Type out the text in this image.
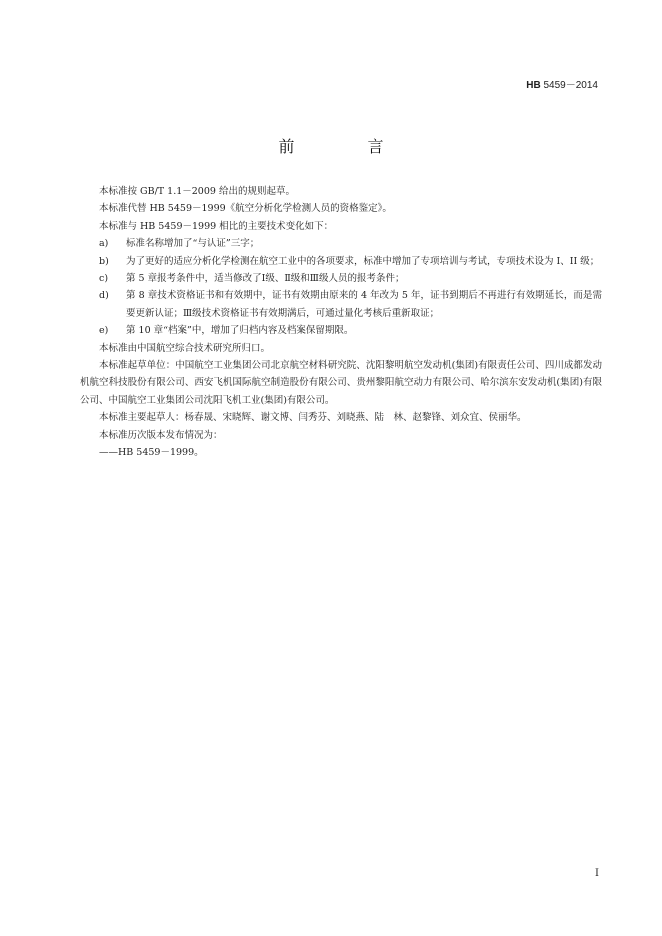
HB 5459－2014
前 言

本标准按 GB/T 1.1－2009 给出的规则起草。

本标准代替 HB 5459－1999《航空分析化学检测人员的资格鉴定》。

本标准与 HB 5459－1999 相比的主要技术变化如下：

a) 标准名称增加了“与认证”三字；
b) 为了更好的适应分析化学检测在航空工业中的各项要求，标准中增加了专项培训与考试，专项技术设为 I、II 级；
c) 第 5 章报考条件中，适当修改了Ⅰ级、Ⅱ级和Ⅲ级人员的报考条件；
d) 第 8 章技术资格证书和有效期中，证书有效期由原来的 4 年改为 5 年，证书到期后不再进行有效期延长，而是需要更新认证；Ⅲ级技术资格证书有效期满后，可通过量化考核后重新取证；
e) 第 10 章“档案”中，增加了归档内容及档案保留期限。

本标准由中国航空综合技术研究所归口。

本标准起草单位：中国航空工业集团公司北京航空材料研究院、沈阳黎明航空发动机(集团)有限责任公司、四川成都发动机航空科技股份有限公司、西安飞机国际航空制造股份有限公司、贵州黎阳航空动力有限公司、哈尔滨东安发动机(集团)有限公司、中国航空工业集团公司沈阳飞机工业(集团)有限公司。

本标准主要起草人：杨春晟、宋晓辉、谢文博、闫秀芬、刘晓燕、陆　林、赵黎锋、刘众宜、侯丽华。

本标准历次版本发布情况为：

——HB 5459－1999。

I
